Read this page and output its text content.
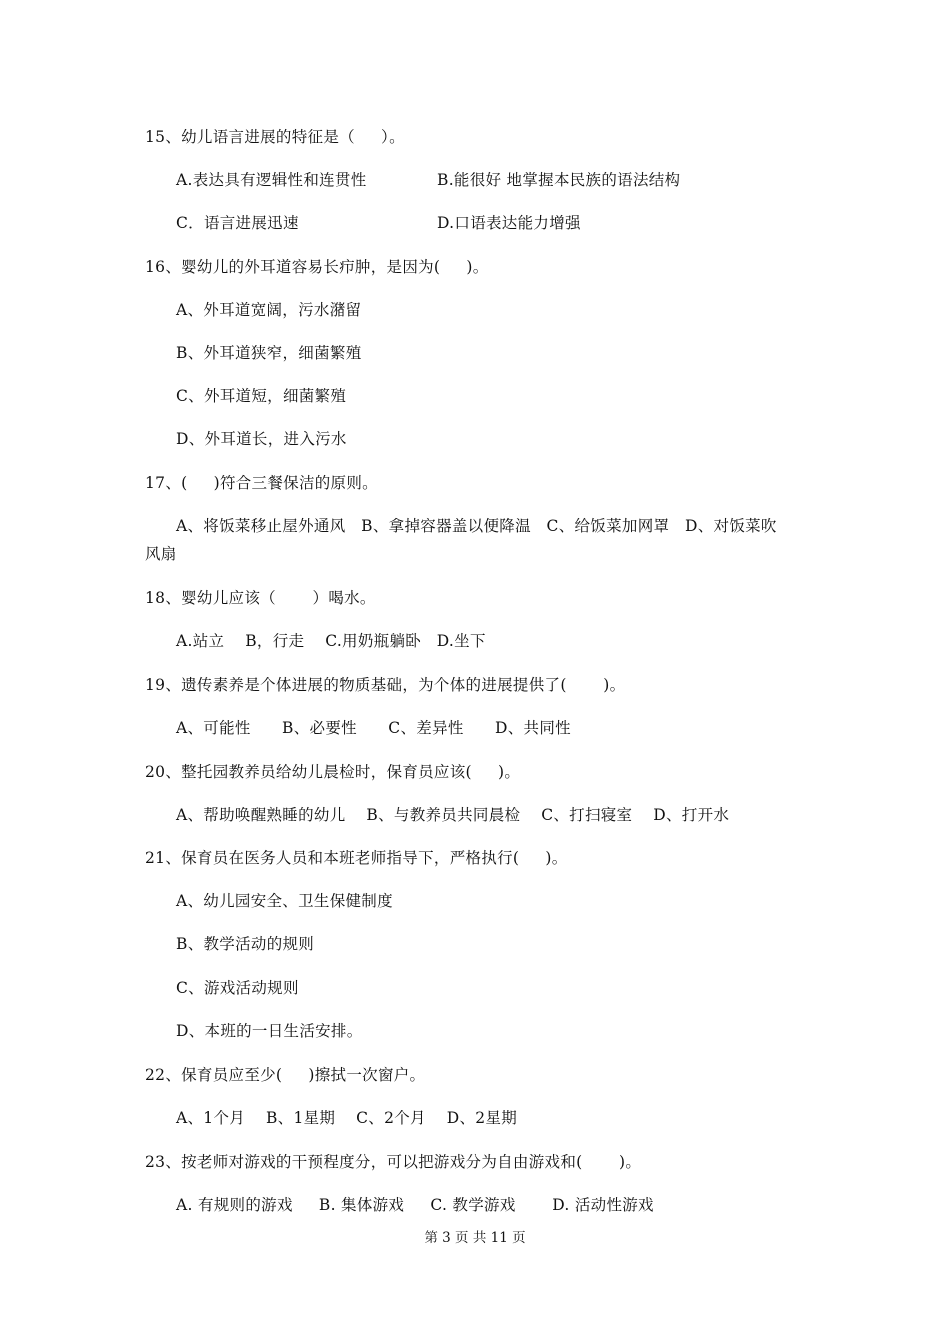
15、幼儿语言进展的特征是（     ）。
A.表达具有逻辑性和连贯性	B.能很好 地掌握本民族的语法结构
C．语言进展迅速	D.口语表达能力增强
16、婴幼儿的外耳道容易长疖肿，是因为(     )。
A、外耳道宽阔，污水潴留
B、外耳道狭窄，细菌繁殖
C、外耳道短，细菌繁殖
D、外耳道长，进入污水
17、(     )符合三餐保洁的原则。
A、将饭菜移止屋外通风   B、拿掉容器盖以便降温   C、给饭菜加网罩   D、对饭菜吹
风扇
18、婴幼儿应该（       ）喝水。
A.站立    B，行走    C.用奶瓶躺卧   D.坐下
19、遗传素养是个体进展的物质基础，为个体的进展提供了(       )。
A、可能性      B、必要性      C、差异性      D、共同性
20、整托园教养员给幼儿晨检时，保育员应该(     )。
A、帮助唤醒熟睡的幼儿    B、与教养员共同晨检    C、打扫寝室    D、打开水
21、保育员在医务人员和本班老师指导下，严格执行(     )。
A、幼儿园安全、卫生保健制度
B、教学活动的规则
C、游戏活动规则
D、本班的一日生活安排。
22、保育员应至少(     )擦拭一次窗户。
A、1个月    B、1星期    C、2个月    D、2星期
23、按老师对游戏的干预程度分，可以把游戏分为自由游戏和(       )。
A. 有规则的游戏     B. 集体游戏     C. 教学游戏       D. 活动性游戏
第 3 页 共 11 页
